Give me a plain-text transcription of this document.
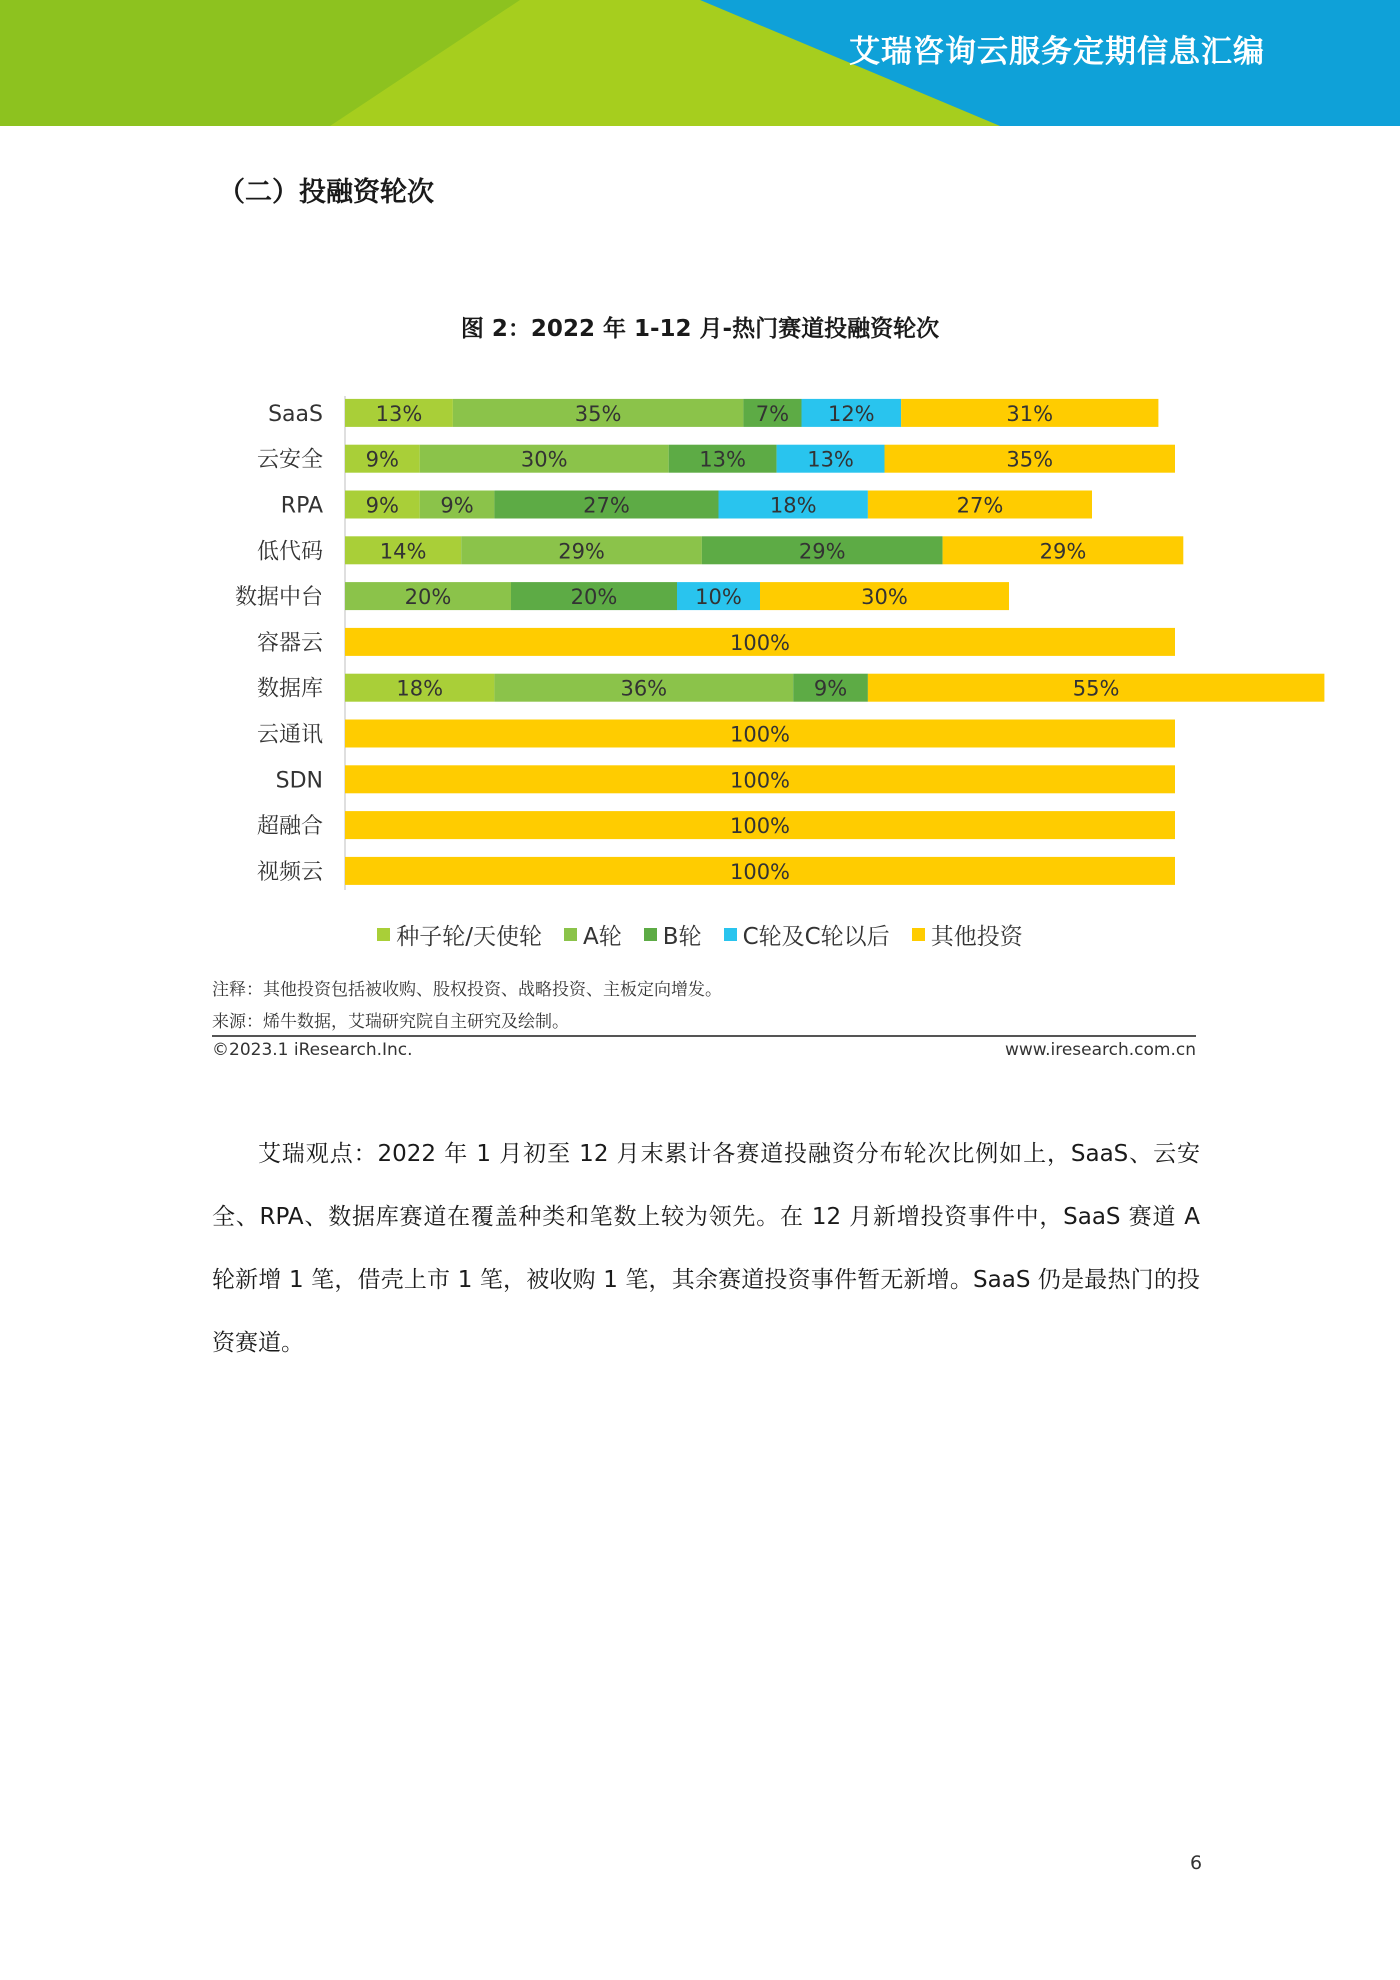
艾瑞咨询云服务定期信息汇编
（二）投融资轮次
图 2：2022 年 1-12 月-热门赛道投融资轮次
SaaS	13%	35%	7% 12%	31%
云安全 9%	30%	13%	13%	35%
RPA 9% 9%	27%	18%	27%
低代码	14%	29%	29%	29%
数据中台	20%	20%	10%	30%
容器云	100%
数据库	18%	36%	9%	55%
云通讯	100%
SDN	100%
超融合	100%
视频云	100%
种子轮/天使轮 A轮 B轮 C轮及C轮以后 其他投资
注释：其他投资包括被收购、股权投资、战略投资、主板定向增发。
来源：烯牛数据，艾瑞研究院自主研究及绘制。
©2023.1 iResearch.Inc.	www.iresearch.com.cn
艾瑞观点：2022 年 1 月初至 12 月末累计各赛道投融资分布轮次比例如上，SaaS、云安全、RPA、数据库赛道在覆盖种类和笔数上较为领先。在 12 月新增投资事件中，SaaS 赛道 A 轮新增 1 笔，借壳上市 1 笔，被收购 1 笔，其余赛道投资事件暂无新增。SaaS 仍是最热门的投资赛道。
6
